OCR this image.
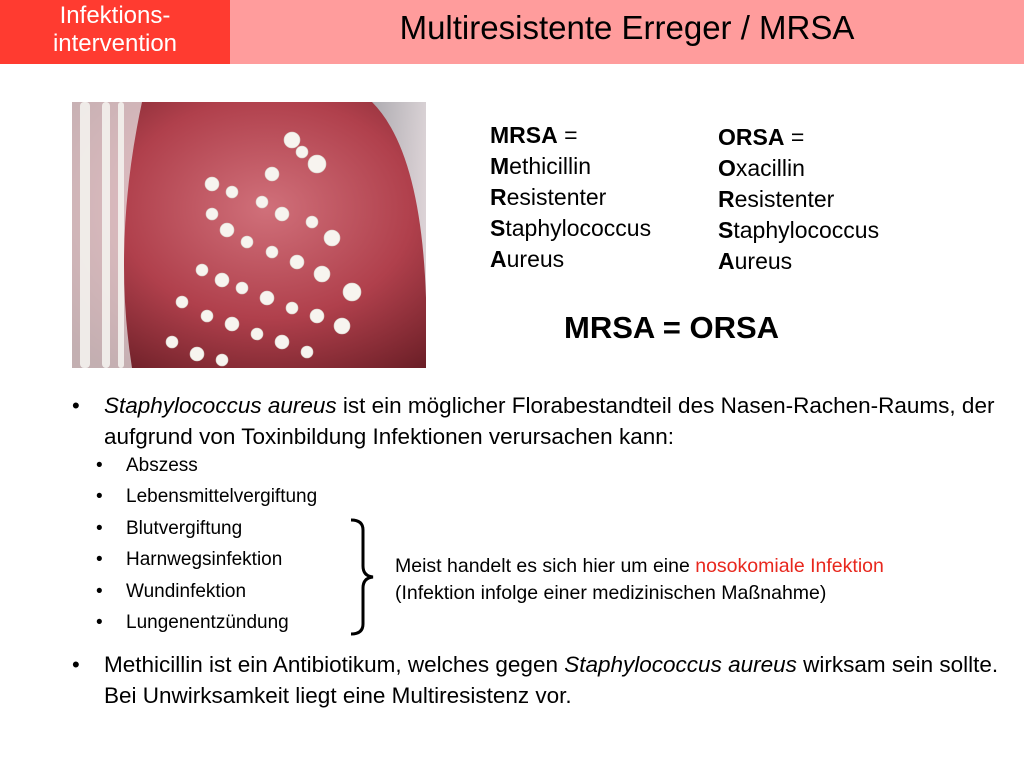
Infektions-
intervention	Multiresistente Erreger / MRSA
MRSA =
Methicillin
Resistenter
Staphylococcus
Aureus
ORSA =
Oxacillin
Resistenter
Staphylococcus
Aureus
MRSA = ORSA
• Staphylococcus aureus ist ein möglicher Florabestandteil des Nasen-Rachen-Raums, der aufgrund von Toxinbildung Infektionen verursachen kann:
• Abszess
• Lebensmittelvergiftung
• Blutvergiftung
• Harnwegsinfektion
• Wundinfektion
• Lungenentzündung
Meist handelt es sich hier um eine nosokomiale Infektion
(Infektion infolge einer medizinischen Maßnahme)
• Methicillin ist ein Antibiotikum, welches gegen Staphylococcus aureus wirksam sein sollte. Bei Unwirksamkeit liegt eine Multiresistenz vor.
